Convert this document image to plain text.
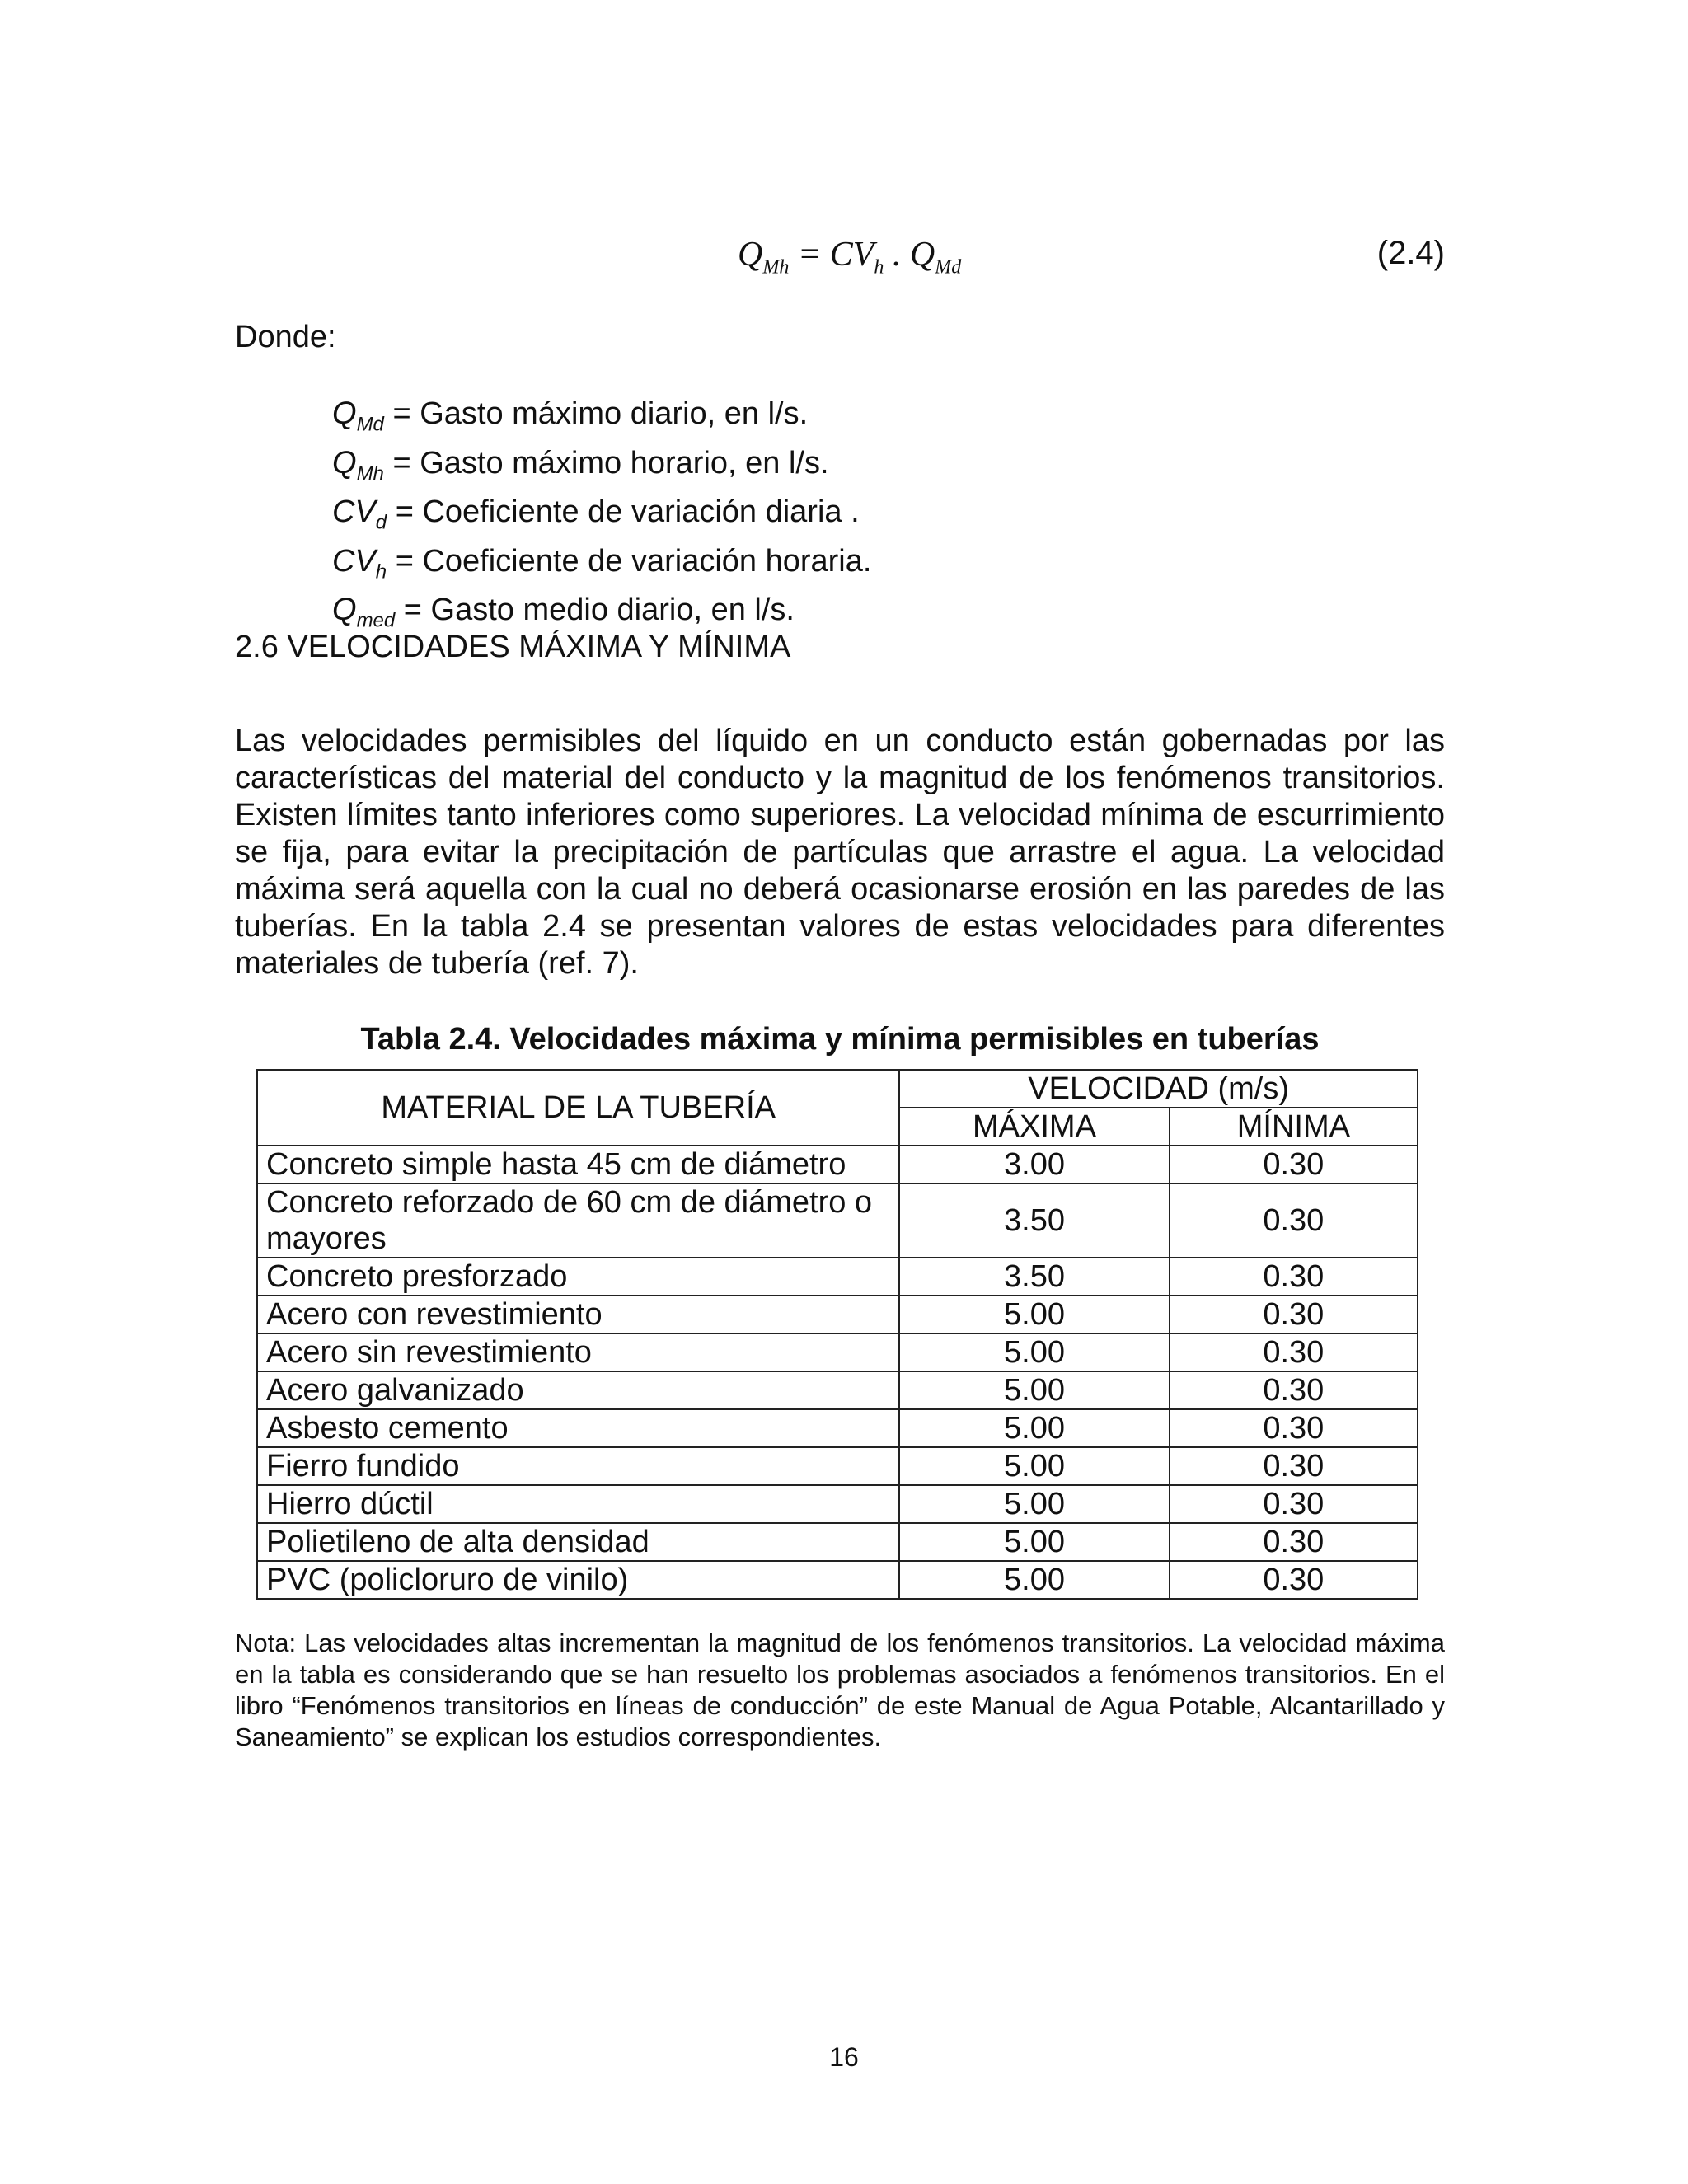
$Q_{Mh} = CV_h$ . $Q_{Md}$	(2.4)
Donde:
$Q_{Md}$ = Gasto máximo diario, en l/s.
$Q_{Mh}$ = Gasto máximo horario, en l/s.
$CV_d$ = Coeficiente de variación diaria .
$CV_h$ = Coeficiente de variación horaria.
$Q_{med}$ = Gasto medio diario, en l/s.
2.6 VELOCIDADES MÁXIMA Y MÍNIMA
Las velocidades permisibles del líquido en un conducto están gobernadas por las características del material del conducto y la magnitud de los fenómenos transitorios. Existen límites tanto inferiores como superiores. La velocidad mínima de escurrimiento se fija, para evitar la precipitación de partículas que arrastre el agua. La velocidad máxima será aquella con la cual no deberá ocasionarse erosión en las paredes de las tuberías. En la tabla 2.4 se presentan valores de estas velocidades para diferentes materiales de tubería (ref. 7).
Tabla 2.4. Velocidades máxima y mínima permisibles en tuberías
MATERIAL DE LA TUBERÍA	VELOCIDAD (m/s)	
	MÁXIMA	MÍNIMA
Concreto simple hasta 45 cm de diámetro	3.00	0.30
Concreto reforzado de 60 cm de diámetro o mayores	3.50	0.30
Concreto presforzado	3.50	0.30
Acero con revestimiento	5.00	0.30
Acero sin revestimiento	5.00	0.30
Acero galvanizado	5.00	0.30
Asbesto cemento	5.00	0.30
Fierro fundido	5.00	0.30
Hierro dúctil	5.00	0.30
Polietileno de alta densidad	5.00	0.30
PVC (policloruro de vinilo)	5.00	0.30
Nota: Las velocidades altas incrementan la magnitud de los fenómenos transitorios. La velocidad máxima en la tabla es considerando que se han resuelto los problemas asociados a fenómenos transitorios. En el libro “Fenómenos transitorios en líneas de conducción” de este Manual de Agua Potable, Alcantarillado y Saneamiento” se explican los estudios correspondientes.
16
